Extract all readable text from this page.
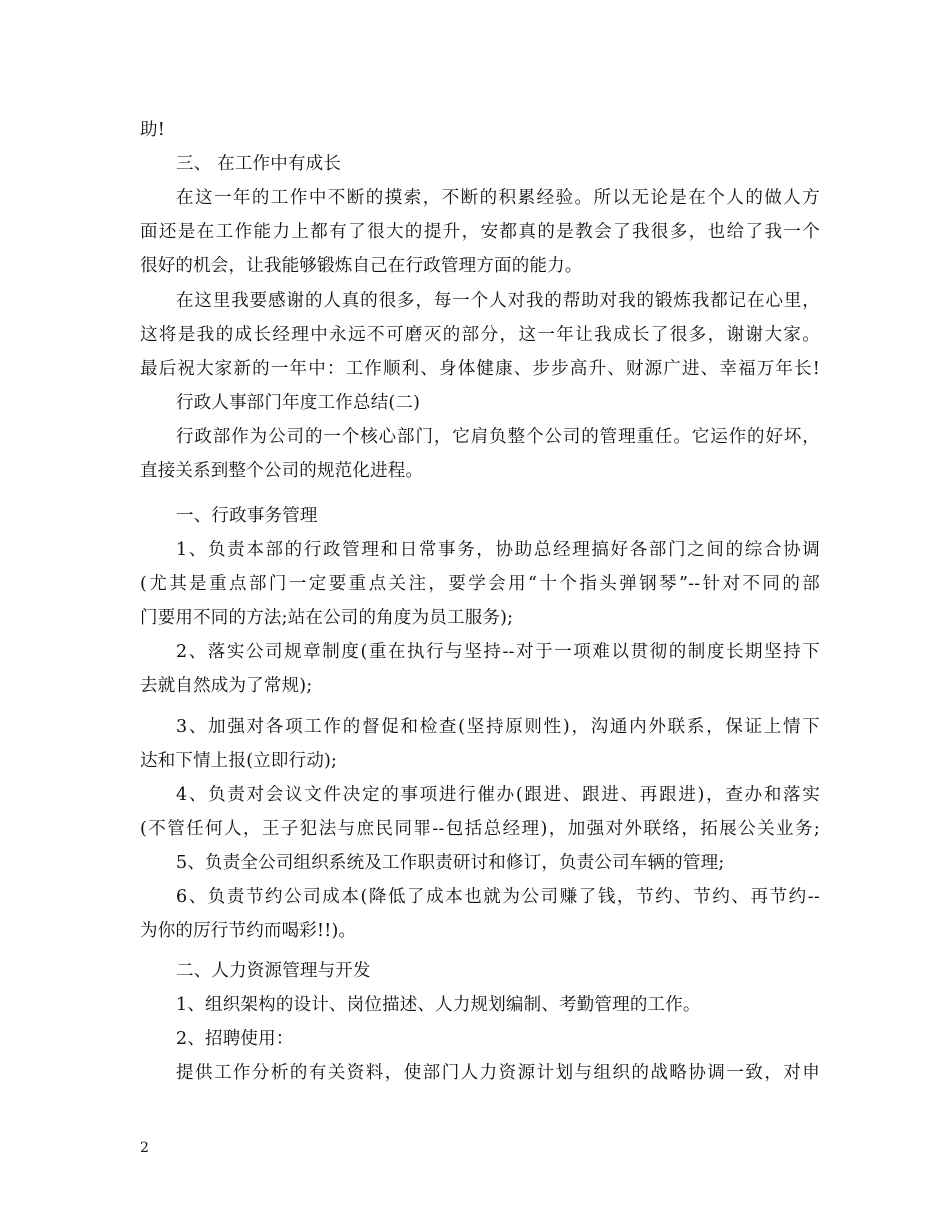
助!
三、 在工作中有成长
在这一年的工作中不断的摸索，不断的积累经验。所以无论是在个人的做人方
面还是在工作能力上都有了很大的提升，安都真的是教会了我很多，也给了我一个
很好的机会，让我能够锻炼自己在行政管理方面的能力。
在这里我要感谢的人真的很多，每一个人对我的帮助对我的锻炼我都记在心里，
这将是我的成长经理中永远不可磨灭的部分，这一年让我成长了很多，谢谢大家。
最后祝大家新的一年中：工作顺利、身体健康、步步高升、财源广进、幸福万年长!
行政人事部门年度工作总结(二)
行政部作为公司的一个核心部门，它肩负整个公司的管理重任。它运作的好坏，
直接关系到整个公司的规范化进程。
一、行政事务管理
1、负责本部的行政管理和日常事务，协助总经理搞好各部门之间的综合协调
(尤其是重点部门一定要重点关注，要学会用“十个指头弹钢琴”--针对不同的部
门要用不同的方法;站在公司的角度为员工服务);
2、落实公司规章制度(重在执行与坚持--对于一项难以贯彻的制度长期坚持下
去就自然成为了常规);
3、加强对各项工作的督促和检查(坚持原则性)，沟通内外联系，保证上情下
达和下情上报(立即行动);
4、负责对会议文件决定的事项进行催办(跟进、跟进、再跟进)，查办和落实
(不管任何人，王子犯法与庶民同罪--包括总经理)，加强对外联络，拓展公关业务;
5、负责全公司组织系统及工作职责研讨和修订，负责公司车辆的管理;
6、负责节约公司成本(降低了成本也就为公司赚了钱，节约、节约、再节约--
为你的厉行节约而喝彩!!)。
二、人力资源管理与开发
1、组织架构的设计、岗位描述、人力规划编制、考勤管理的工作。
2、招聘使用：
提供工作分析的有关资料，使部门人力资源计划与组织的战略协调一致，对申
2
